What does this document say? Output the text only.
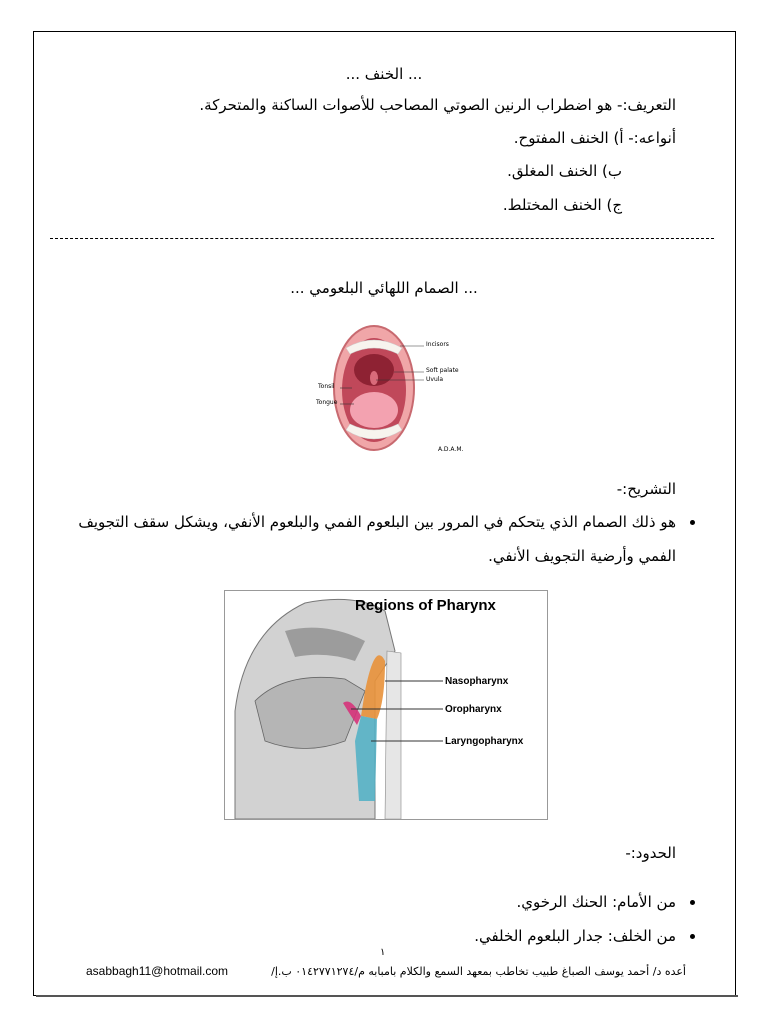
... الخنف ...
التعريف:- هو اضطراب الرنين الصوتي المصاحب للأصوات الساكنة والمتحركة.
أنواعه:- أ) الخنف المفتوح.
ب) الخنف المغلق.
ج) الخنف المختلط.
... الصمام اللهائي البلعومي ...
Incisors
Soft palate
Uvula
Tonsil
Tongue
A.D.A.M.
التشريح:-
هو ذلك الصمام الذي يتحكم في المرور بين البلعوم الفمي والبلعوم الأنفي، ويشكل سقف التجويف
الفمي وأرضية التجويف الأنفي.
Regions of Pharynx
Nasopharynx
Oropharynx
Laryngopharynx
الحدود:-
من الأمام: الحنك الرخوي.
من الخلف: جدار البلعوم الخلفي.
١
asabbagh11@hotmail.com	أعده د/ أحمد يوسف الصباغ طبيب تخاطب بمعهد السمع والكلام بامبابه م/٠١٤٢٧٧١٢٧٤ ب.إ/
